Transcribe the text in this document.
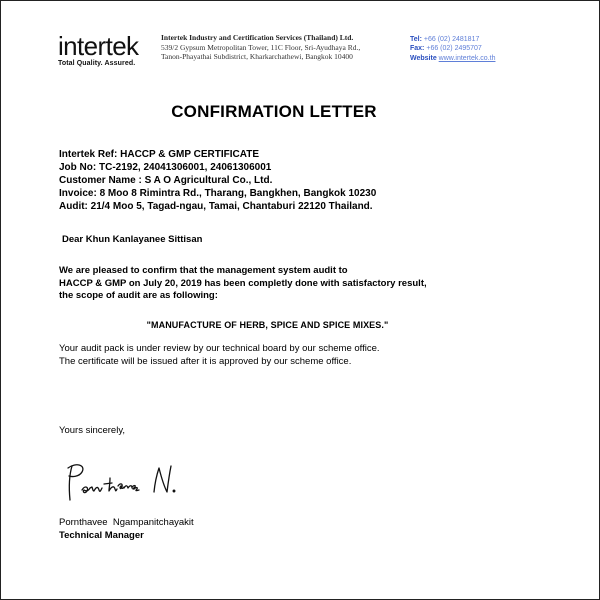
intertek
Total Quality. Assured.
Intertek Industry and Certification Services (Thailand) Ltd.
539/2 Gypsum Metropolitan Tower, 11C Floor, Sri-Ayudhaya Rd.,
Tanon-Phayathai Subdistrict, Kharkarchathewi, Bangkok 10400
Tel: +66 (02) 2481817
Fax: +66 (02) 2495707
Website www.intertek.co.th
CONFIRMATION LETTER
Intertek Ref: HACCP & GMP CERTIFICATE
Job No: TC-2192, 24041306001, 24061306001
Customer Name : S A O Agricultural Co., Ltd.
Invoice: 8 Moo 8 Rimintra Rd., Tharang, Bangkhen, Bangkok 10230
Audit: 21/4 Moo 5, Tagad-ngau, Tamai, Chantaburi 22120 Thailand.
Dear Khun Kanlayanee Sittisan
We are pleased to confirm that the management system audit to
HACCP & GMP on July 20, 2019 has been completly done with satisfactory result,
the scope of audit are as following:
"MANUFACTURE OF HERB, SPICE AND SPICE MIXES."
Your audit pack is under review by our technical board by our scheme office.
The certificate will be issued after it is approved by our scheme office.
Yours sincerely,
Pornthavee  Ngampanitchayakit
Technical Manager
